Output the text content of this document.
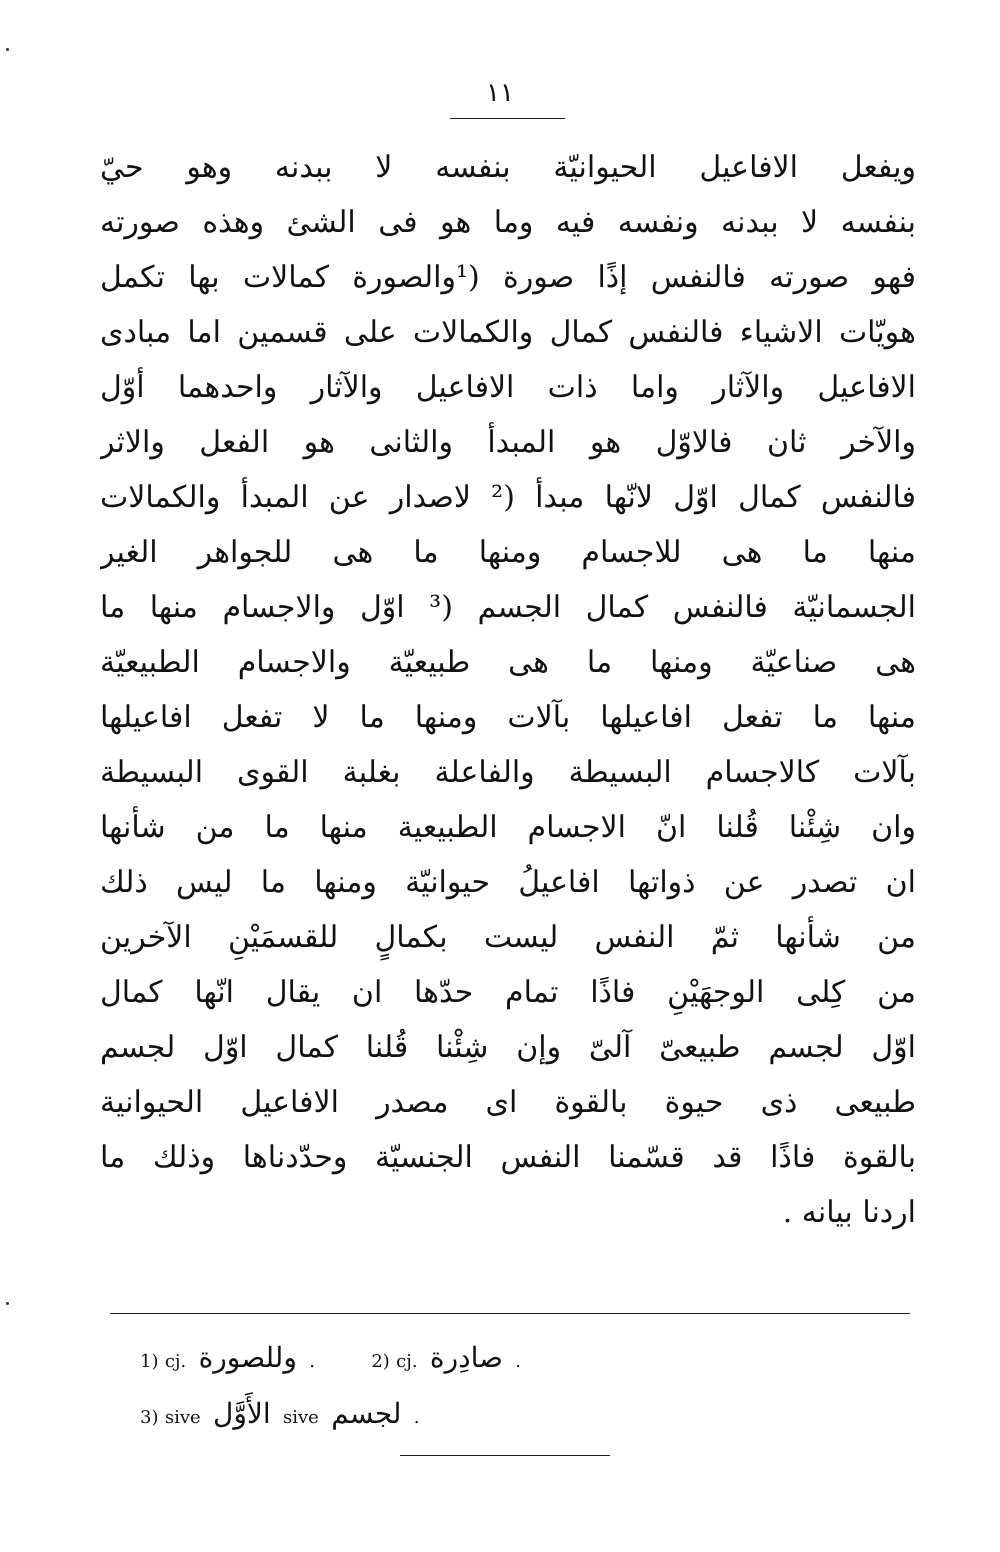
۱۱
ويفعل الافاعيل الحيوانيّة بنفسه لا ببدنه وهو حيّ
بنفسه لا ببدنه ونفسه فيه وما هو فى الشئ وهذه صورته
فهو صورته فالنفس إذًا صورة (¹والصورة كمالات بها تكمل
هويّات الاشياء فالنفس كمال والكمالات على قسمين اما مبادى
الافاعيل والآثار واما ذات الافاعيل والآثار واحدهما أوّل
والآخر ثان فالاوّل هو المبدأ والثانى هو الفعل والاثر
فالنفس كمال اوّل لانّها مبدأ (² لاصدار عن المبدأ والكمالات
منها ما هى للاجسام ومنها ما هى للجواهر الغير
الجسمانيّة فالنفس كمال الجسم (³ اوّل والاجسام منها ما
هى صناعيّة ومنها ما هى طبيعيّة والاجسام الطبيعيّة
منها ما تفعل افاعيلها بآلات ومنها ما لا تفعل افاعيلها
بآلات كالاجسام البسيطة والفاعلة بغلبة القوى البسيطة
وان شِئْنا قُلنا انّ الاجسام الطبيعية منها ما من شأنها
ان تصدر عن ذواتها افاعيلُ حيوانيّة ومنها ما ليس ذلك
من شأنها ثمّ النفس ليست بكمالٍ للقسمَيْنِ الآخرين
من كِلى الوجهَيْنِ فاذًا تمام حدّها ان يقال انّها كمال
اوّل لجسم طبيعىّ آلىّ وإن شِئْنا قُلنا كمال اوّل لجسم
طبيعى ذى حيوة بالقوة اى مصدر الافاعيل الحيوانية
بالقوة فاذًا قد قسّمنا النفس الجنسيّة وحدّدناها وذلك ما
اردنا بيانه .
1) cj. وللصورة .	2) cj. صادِرة .
3) sive الأَوَّل sive لجسم .
